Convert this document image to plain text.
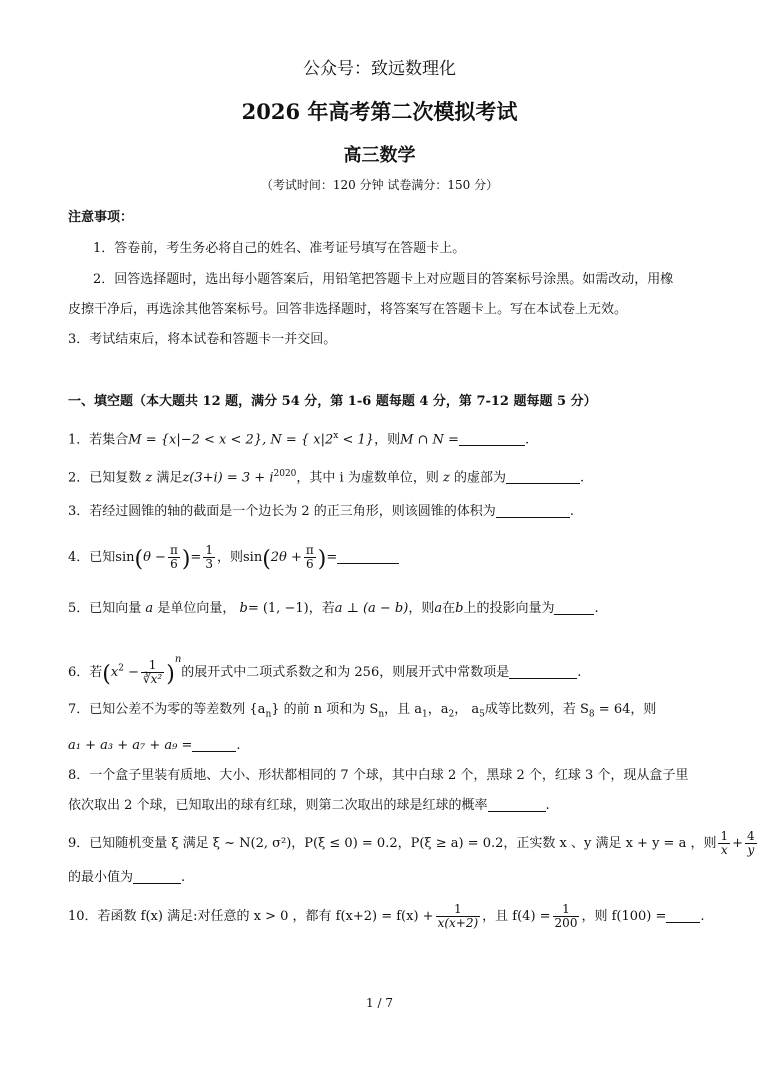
公众号：致远数理化
2026 年高考第二次模拟考试
高三数学
（考试时间：120 分钟 试卷满分：150 分）
注意事项：
1．答卷前，考生务必将自己的姓名、准考证号填写在答题卡上。
2．回答选择题时，选出每小题答案后，用铅笔把答题卡上对应题目的答案标号涂黑。如需改动，用橡
皮擦干净后，再选涂其他答案标号。回答非选择题时，将答案写在答题卡上。写在本试卷上无效。
3．考试结束后，将本试卷和答题卡一并交回。
一、填空题（本大题共 12 题，满分 54 分，第 1-6 题每题 4 分，第 7-12 题每题 5 分）
1．若集合M = {x|−2 < x < 2}, N = { $x|2^x < 1$}，则M ∩ N =	.
2．已知复数 z 满足$z(3+i) = 3 + i^{2020}$，其中 i 为虚数单位，则 z 的虚部为	.
3．若经过圆锥的轴的截面是一个边长为 2 的正三角形，则该圆锥的体积为	.
4．已知$\sin(\theta - \frac{\pi}{6}$ )= $\frac{1}{3}$ ，则$\sin(2\theta + \frac{\pi}{6}$ )=
5．已知向量 a 是单位向量， b= (1, −1)，若a ⊥ (a − b)，则a在b上的投影向量为	.
6．若$(x^2 - \frac{1}{\text{∛x²}} )^n$的展开式中二项式系数之和为 256，则展开式中常数项是	.
7．已知公差不为零的等差数列 $\{a_n\}$ 的前 n 项和为 $S_n$，且 $a_1$，$a_2$， $a_5$成等比数列，若 $S_8 = 64$，则
a₁ + a₃ + a₇ + a₉ =	.
8．一个盒子里装有质地、大小、形状都相同的 7 个球，其中白球 2 个，黑球 2 个，红球 3 个，现从盒子里
依次取出 2 个球，已知取出的球有红球，则第二次取出的球是红球的概率	.
9．已知随机变量 ξ 满足 ξ ~ N(2, σ²)，P(ξ ≤ 0) = 0.2，P(ξ ≥ a) = 0.2，正实数 x 、y 满足 x + y = a ，则 $\frac{1}{x} + \frac{4}{y}$
的最小值为	.
10．若函数 f(x) 满足:对任意的 x > 0 ，都有 $f(x+2) = f(x) + \frac{1}{x(x+2)}$ ，且 $f(4) = \frac{1}{200}$ ，则 f(100) =	.
1 / 7
